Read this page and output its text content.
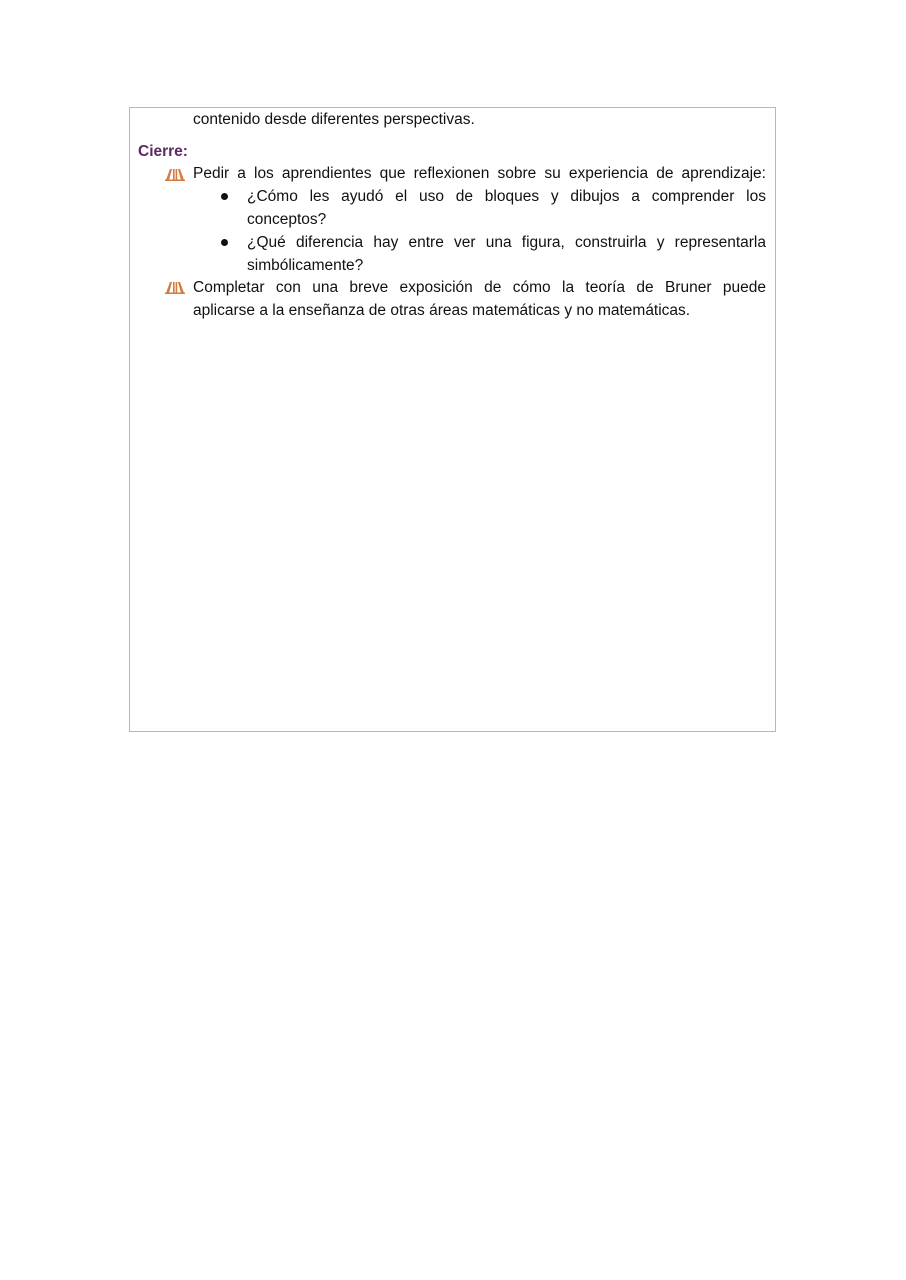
contenido desde diferentes perspectivas.

Cierre:

Pedir a los aprendientes que reflexionen sobre su experiencia de aprendizaje:

¿Cómo les ayudó el uso de bloques y dibujos a comprender los
conceptos?

¿Qué diferencia hay entre ver una figura, construirla y representarla
simbólicamente?

Completar con una breve exposición de cómo la teoría de Bruner puede
aplicarse a la enseñanza de otras áreas matemáticas y no matemáticas.
